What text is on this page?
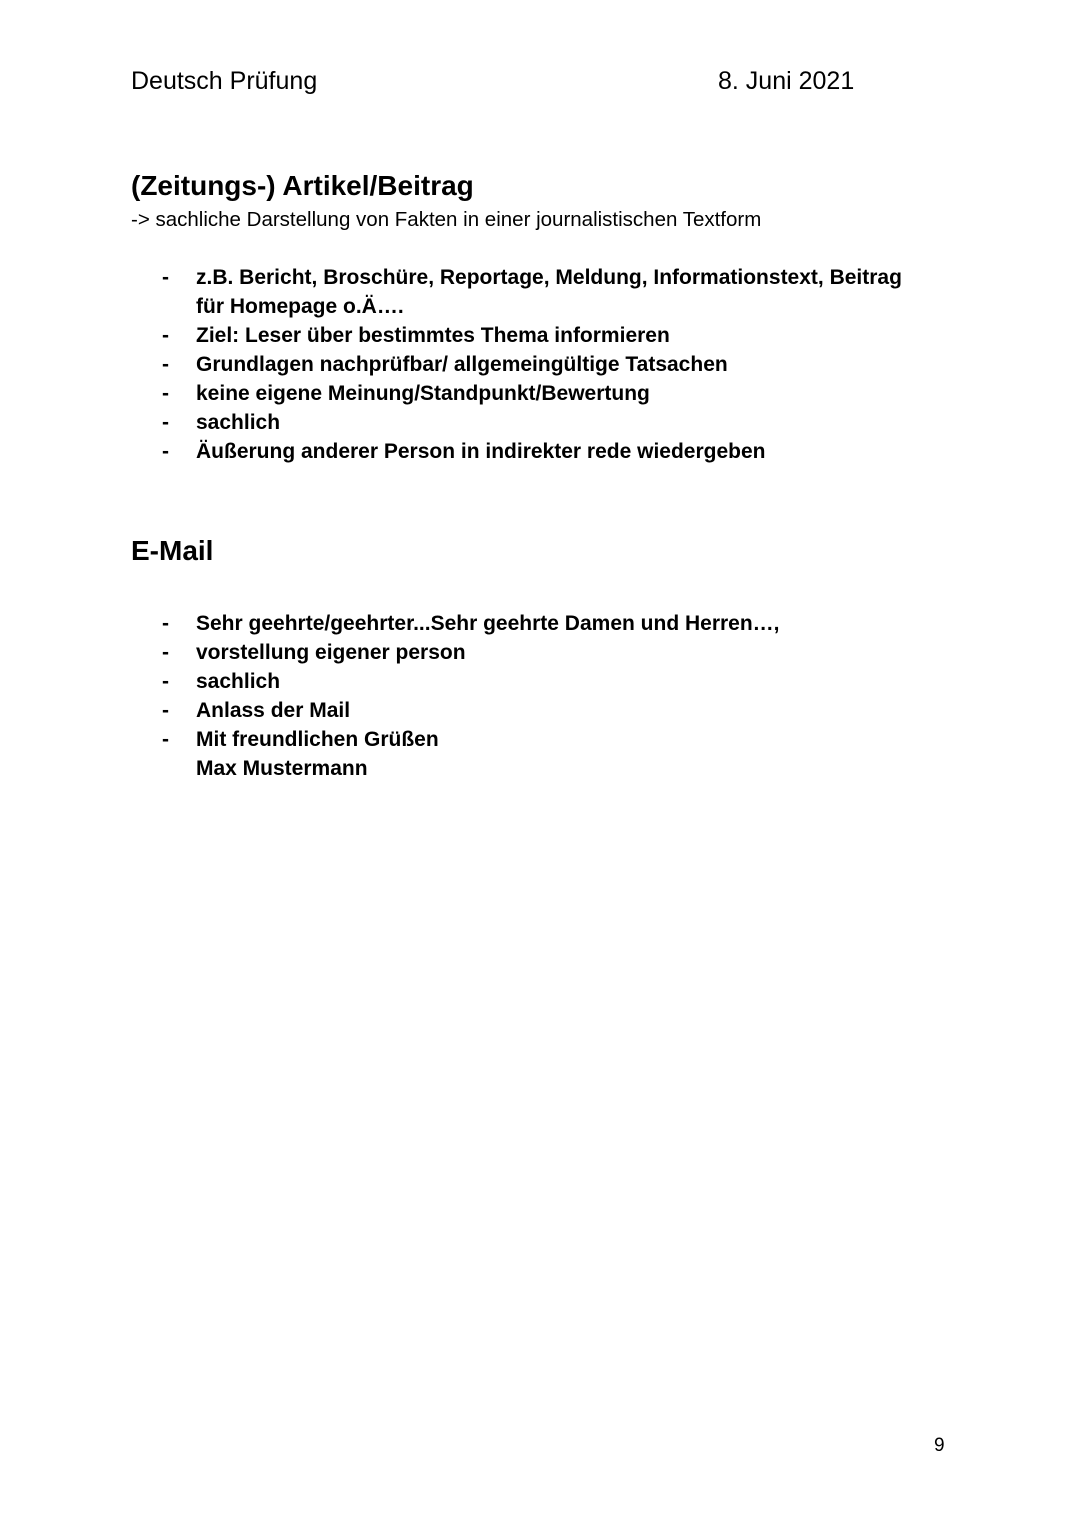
Deutsch Prüfung	8. Juni 2021
(Zeitungs-) Artikel/Beitrag
-> sachliche Darstellung von Fakten in einer journalistischen Textform
- z.B. Bericht, Broschüre, Reportage, Meldung, Informationstext, Beitrag
für Homepage o.Ä….
- Ziel: Leser über bestimmtes Thema informieren
- Grundlagen nachprüfbar/ allgemeingültige Tatsachen
- keine eigene Meinung/Standpunkt/Bewertung
- sachlich
- Äußerung anderer Person in indirekter rede wiedergeben
E-Mail
- Sehr geehrte/geehrter...Sehr geehrte Damen und Herren…,
- vorstellung eigener person
- sachlich
- Anlass der Mail
- Mit freundlichen Grüßen
Max Mustermann
9
